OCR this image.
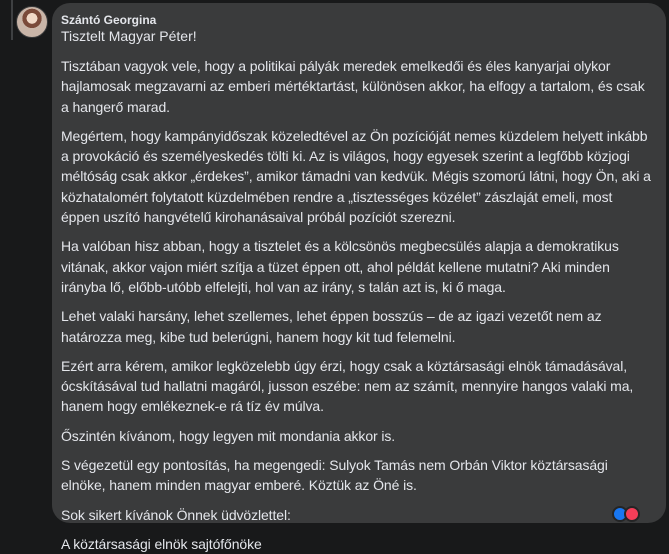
Szántó Georgina
Tisztelt Magyar Péter!
Tisztában vagyok vele, hogy a politikai pályák meredek emelkedői és éles kanyarjai olykor hajlamosak megzavarni az emberi mértéktartást, különösen akkor, ha elfogy a tartalom, és csak a hangerő marad.
Megértem, hogy kampányidőszak közeledtével az Ön pozícióját nemes küzdelem helyett inkább a provokáció és személyeskedés tölti ki. Az is világos, hogy egyesek szerint a legfőbb közjogi méltóság csak akkor „érdekes”, amikor támadni van kedvük. Mégis szomorú látni, hogy Ön, aki a közhatalomért folytatott küzdelmében rendre a „tisztességes közélet” zászlaját emeli, most éppen uszító hangvételű kirohanásaival próbál pozíciót szerezni.
Ha valóban hisz abban, hogy a tisztelet és a kölcsönös megbecsülés alapja a demokratikus vitának, akkor vajon miért szítja a tüzet éppen ott, ahol példát kellene mutatni? Aki minden irányba lő, előbb-utóbb elfelejti, hol van az irány, s talán azt is, ki ő maga.
Lehet valaki harsány, lehet szellemes, lehet éppen bosszús – de az igazi vezetőt nem az határozza meg, kibe tud belerúgni, hanem hogy kit tud felemelni.
Ezért arra kérem, amikor legközelebb úgy érzi, hogy csak a köztársasági elnök támadásával, ócskításával tud hallatni magáról, jusson eszébe: nem az számít, mennyire hangos valaki ma, hanem hogy emlékeznek-e rá tíz év múlva.
Őszintén kívánom, hogy legyen mit mondania akkor is.
S végezetül egy pontosítás, ha megengedi: Sulyok Tamás nem Orbán Viktor köztársasági elnöke, hanem minden magyar emberé. Köztük az Öné is.
Sok sikert kívánok Önnek üdvözlettel:
A köztársasági elnök sajtófőnöke
